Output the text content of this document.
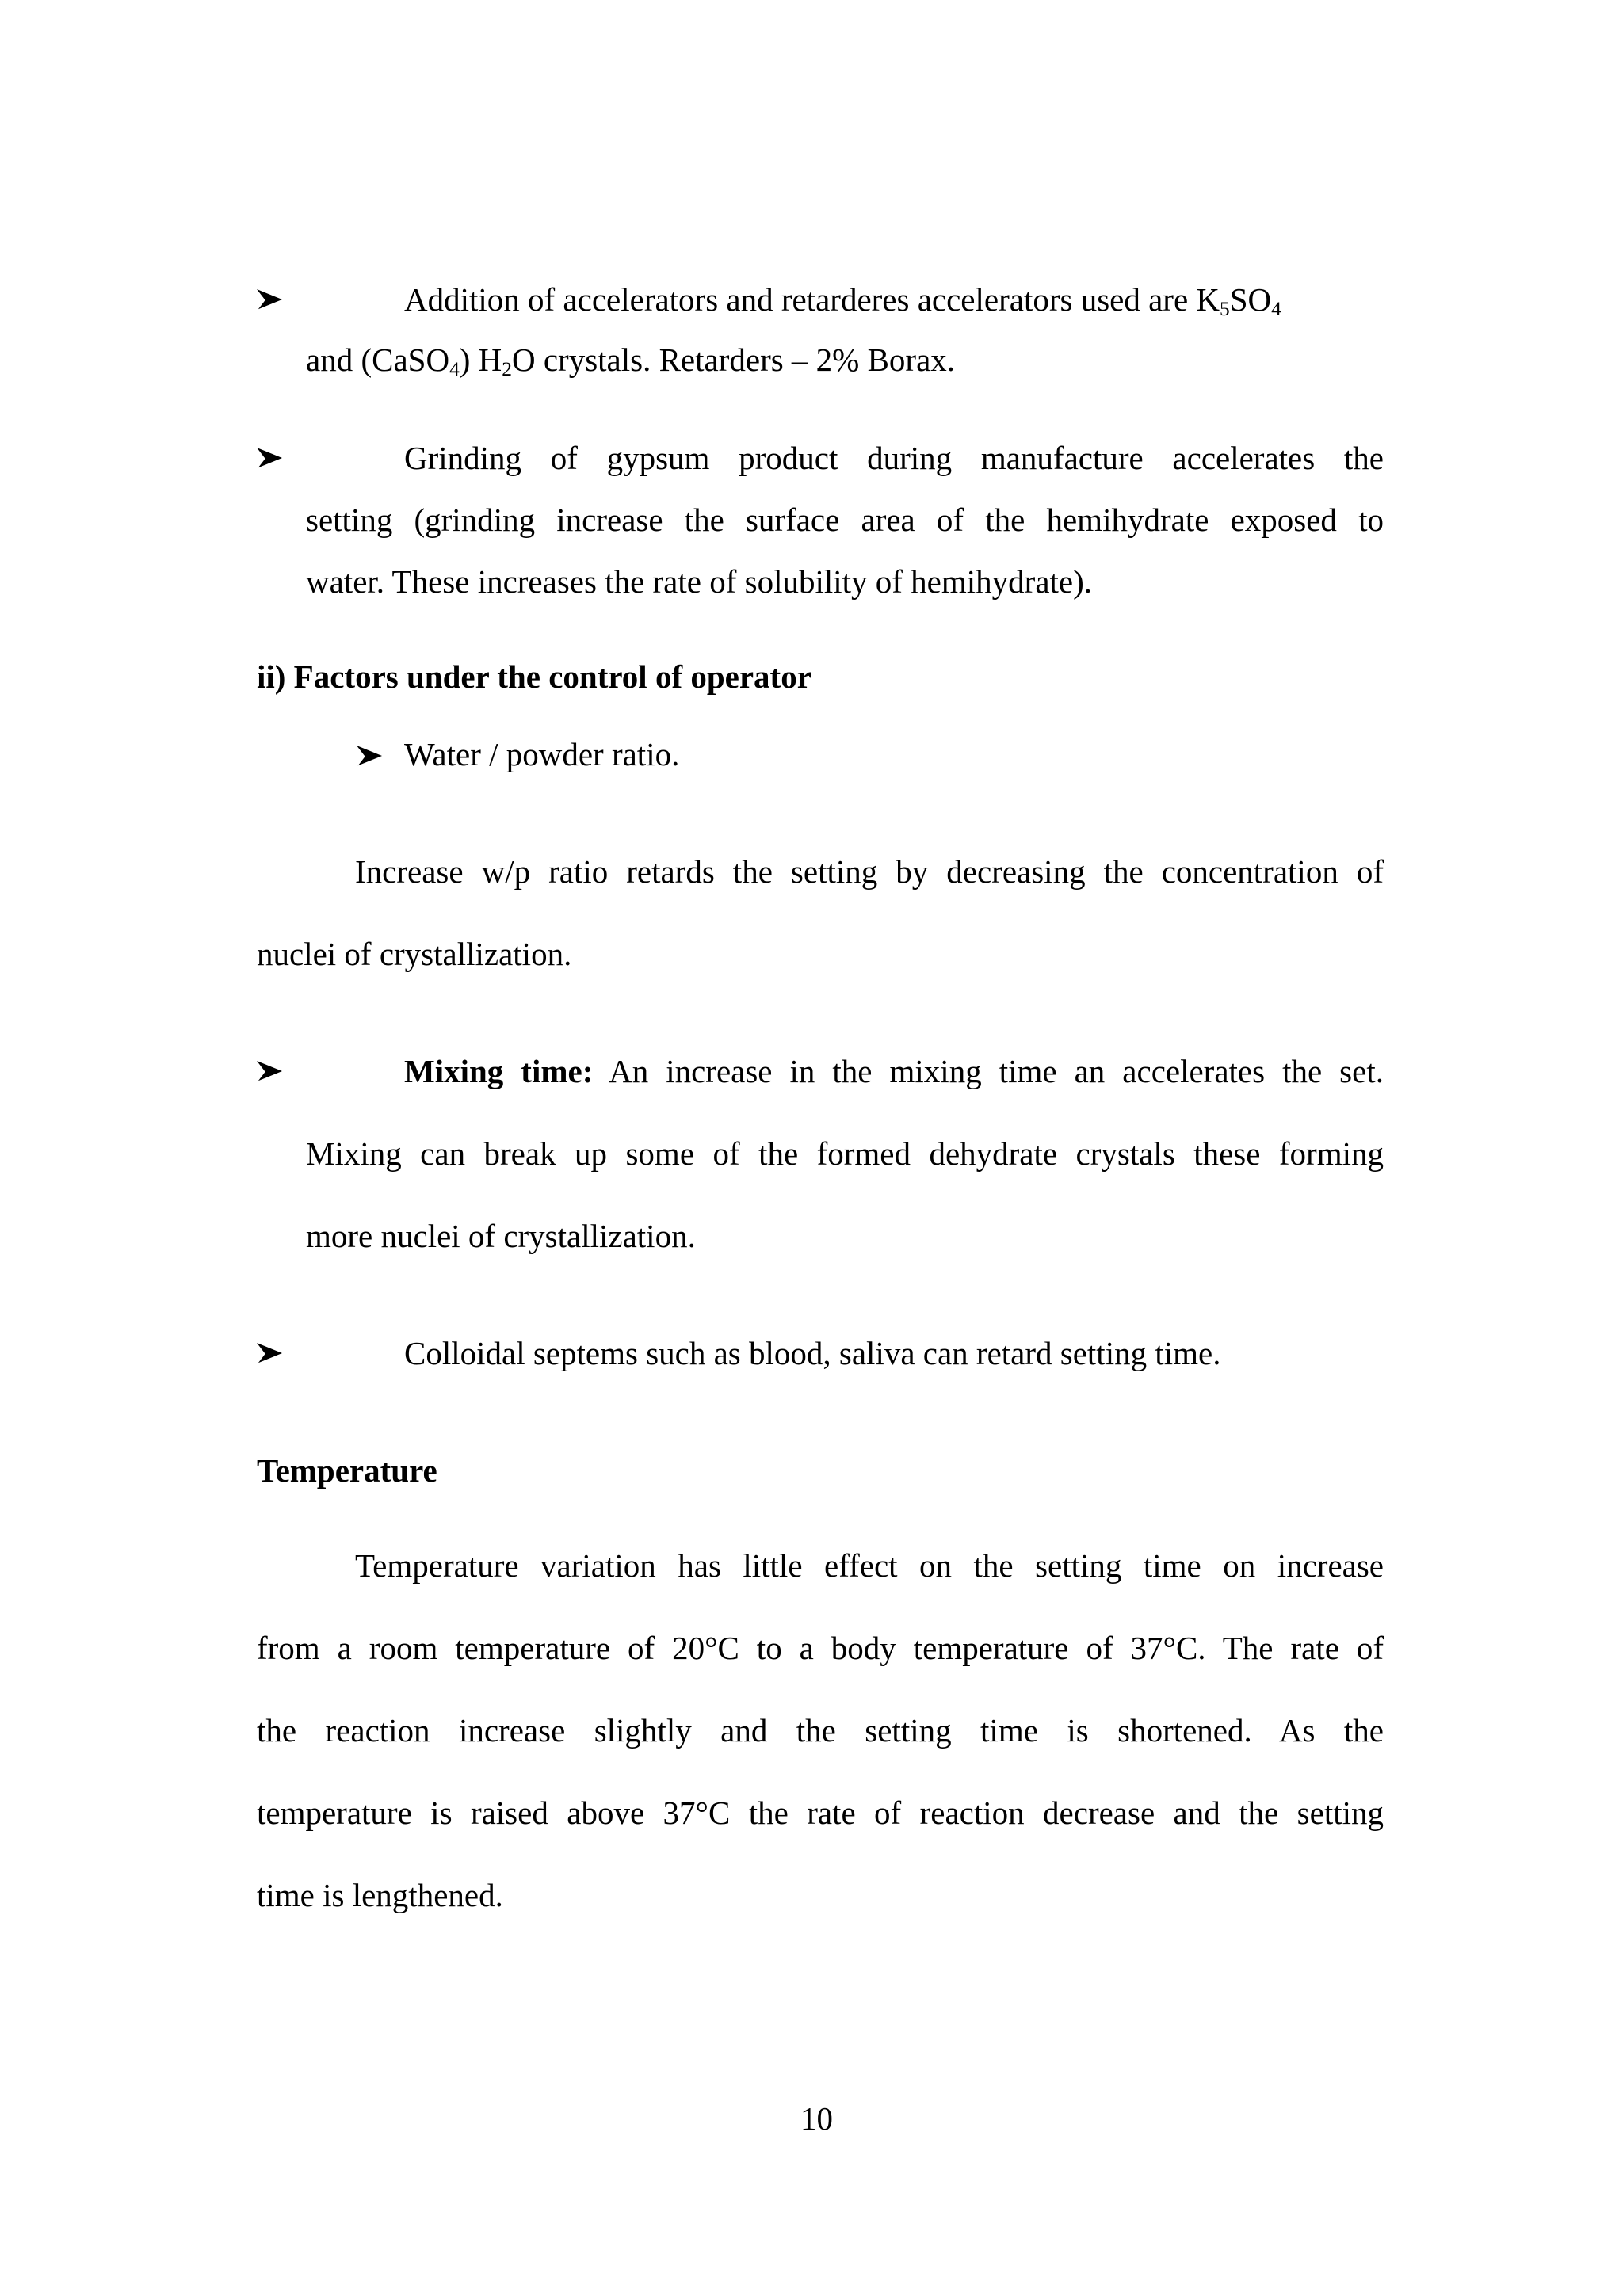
Addition of accelerators and retarderes accelerators used are $K_5SO_4$
and (CaSO$_4$) $H_2O$ crystals. Retarders – 2% Borax.
Grinding of gypsum product during manufacture accelerates the
setting (grinding increase the surface area of the hemihydrate exposed to
water. These increases the rate of solubility of hemihydrate).
ii) Factors under the control of operator
Water / powder ratio.
Increase w/p ratio retards the setting by decreasing the concentration of
nuclei of crystallization.
Mixing time: An increase in the mixing time an accelerates the set.
Mixing can break up some of the formed dehydrate crystals these forming
more nuclei of crystallization.
Colloidal septems such as blood, saliva can retard setting time.
Temperature
Temperature variation has little effect on the setting time on increase
from a room temperature of 20°C to a body temperature of 37°C. The rate of
the reaction increase slightly and the setting time is shortened. As the
temperature is raised above 37°C the rate of reaction decrease and the setting
time is lengthened.
10
